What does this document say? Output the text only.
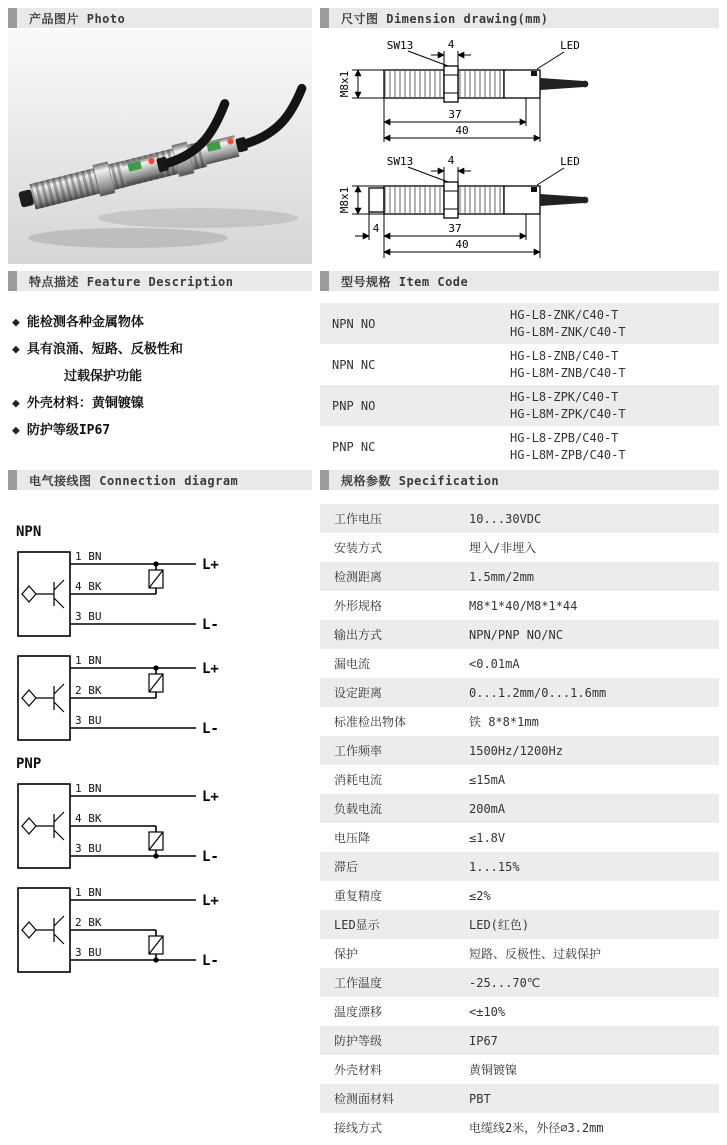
产品图片 Photo	尺寸图 Dimension drawing(mm)
M8x1
SW13	4	LED
37
40
M8x1
SW13	4	LED
4	37
40
特点描述 Feature Description
◆ 能检测各种金属物体
◆ 具有浪涌、短路、反极性和
过载保护功能
◆ 外壳材料：黄铜镀镍
◆ 防护等级IP67
型号规格 Item Code
NPN NO
HG-L8-ZNK/C40-T
HG-L8M-ZNK/C40-T
NPN NC
HG-L8-ZNB/C40-T
HG-L8M-ZNB/C40-T
PNP NO
HG-L8-ZPK/C40-T
HG-L8M-ZPK/C40-T
PNP NC
HG-L8-ZPB/C40-T
HG-L8M-ZPB/C40-T
电气接线图 Connection diagram
NPN
1 BN
4 BK
3 BU
L+
L-
1 BN
2 BK
3 BU
L+
L-
PNP
1 BN
4 BK
3 BU
L+
L-
1 BN
2 BK
3 BU
L+
L-
规格参数 Specification
工作电压	10...30VDC
安装方式	埋入/非埋入
检测距离	1.5mm/2mm
外形规格	M8*1*40/M8*1*44
输出方式	NPN/PNP NO/NC
漏电流	<0.01mA
设定距离	0...1.2mm/0...1.6mm
标准检出物体	铁 8*8*1mm
工作频率	1500Hz/1200Hz
消耗电流	≤15mA
负载电流	200mA
电压降	≤1.8V
滞后	1...15%
重复精度	≤2%
LED显示	LED(红色)
保护	短路、反极性、过载保护
工作温度	-25...70℃
温度漂移	<±10%
防护等级	IP67
外壳材料	黄铜镀镍
检测面材料	PBT
接线方式	电缆线2米，外径∅3.2mm
